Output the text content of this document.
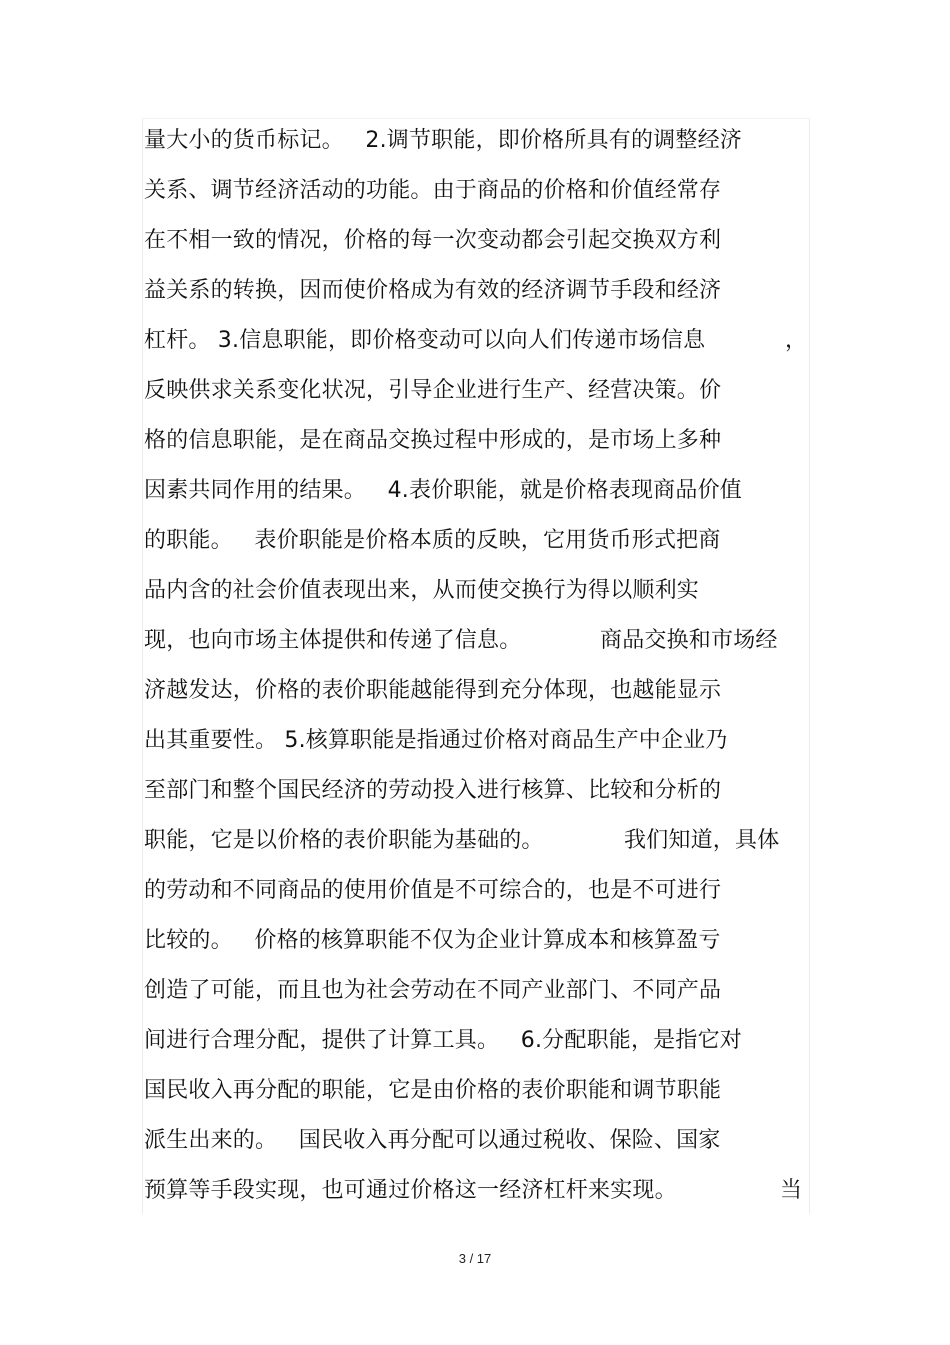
量大小的货币标记。   2.调节职能，即价格所具有的调整经济
关系、调节经济活动的功能。由于商品的价格和价值经常存
在不相一致的情况，价格的每一次变动都会引起交换双方利
益关系的转换，因而使价格成为有效的经济调节手段和经济
杠杆。 3.信息职能，即价格变动可以向人们传递市场信息	，
反映供求关系变化状况，引导企业进行生产、经营决策。价
格的信息职能，是在商品交换过程中形成的，是市场上多种
因素共同作用的结果。   4.表价职能，就是价格表现商品价值
的职能。   表价职能是价格本质的反映，它用货币形式把商
品内含的社会价值表现出来，从而使交换行为得以顺利实
现，也向市场主体提供和传递了信息。	商品交换和市场经
济越发达，价格的表价职能越能得到充分体现，也越能显示
出其重要性。 5.核算职能是指通过价格对商品生产中企业乃
至部门和整个国民经济的劳动投入进行核算、比较和分析的
职能，它是以价格的表价职能为基础的。	我们知道，具体
的劳动和不同商品的使用价值是不可综合的，也是不可进行
比较的。   价格的核算职能不仅为企业计算成本和核算盈亏
创造了可能，而且也为社会劳动在不同产业部门、不同产品
间进行合理分配，提供了计算工具。   6.分配职能，是指它对
国民收入再分配的职能，它是由价格的表价职能和调节职能
派生出来的。   国民收入再分配可以通过税收、保险、国家
预算等手段实现，也可通过价格这一经济杠杆来实现。	当
3 / 17
